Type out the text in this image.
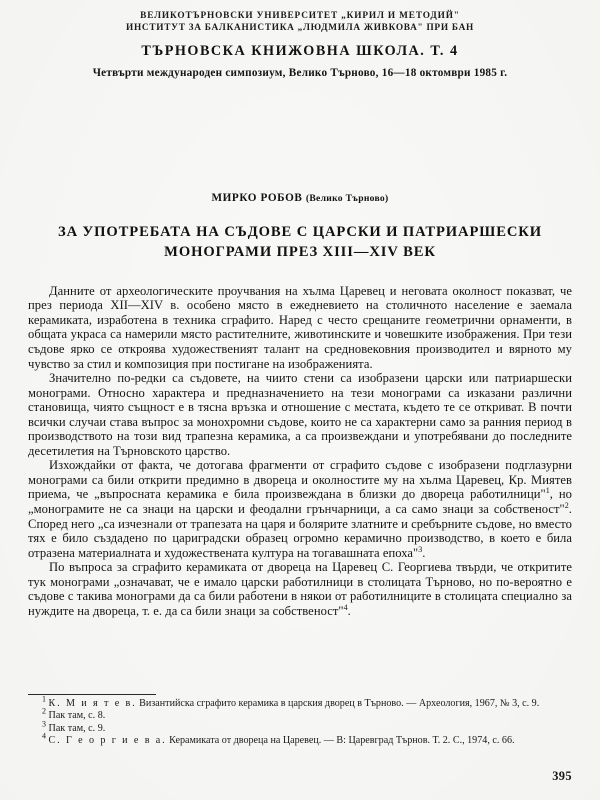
ВЕЛИКОТЪРНОВСКИ УНИВЕРСИТЕТ „КИРИЛ И МЕТОДИЙ"
ИНСТИТУТ ЗА БАЛКАНИСТИКА „ЛЮДМИЛА ЖИВКОВА" ПРИ БАН
ТЪРНОВСКА КНИЖОВНА ШКОЛА. Т. 4
Четвърти международен симпозиум, Велико Търново, 16—18 октомври 1985 г.
МИРКО РОБОВ (Велико Търново)
ЗА УПОТРЕБАТА НА СЪДОВЕ С ЦАРСКИ И ПАТРИАРШЕСКИ
МОНОГРАМИ ПРЕЗ XIII—XIV ВЕК

Данните от археологическите проучвания на хълма Царевец и неговата околност показват, че през периода XII—XIV в. особено място в ежедневието на столичното население е заемала керамиката, изработена в техника сграфито. Наред с често срещаните геометрични орнаменти, в общата украса са намерили място растителните, животинските и човешките изображения. При тези съдове ярко се откроява художественият талант на средновековния производител и вярното му чувство за стил и композиция при постигане на изображенията.

Значително по-редки са съдовете, на чиито стени са изобразени царски или патриаршески монограми. Относно характера и предназначението на тези монограми са изказани различни становища, чиято същност е в тясна връзка и отношение с местата, където те се откриват. В почти всички случаи става въпрос за монохромни съдове, които не са характерни само за ранния период в производството на този вид трапезна керамика, а са произвеждани и употребявани до последните десетилетия на Търновското царство.

Изхождайки от факта, че дотогава фрагменти от сграфито съдове с изобразени подглазурни монограми са били открити предимно в двореца и околностите му на хълма Царевец, Кр. Миятев приема, че „въпросната керамика е била произвеждана в близки до двореца работилници"$^1$, но „монограмите не са знаци на царски и феодални грънчарници, а са само знаци за собственост"$^2$. Според него „са изчезнали от трапезата на царя и болярите златните и сребърните съдове, но вместо тях е било създадено по цариградски образец огромно керамично производство, в което е била отразена материалната и художествената култура на тогавашната епоха"$^3$.

По въпроса за сграфито керамиката от двореца на Царевец С. Георгиева твърди, че откритите тук монограми „означават, че е имало царски работилници в столицата Търново, но по-вероятно е съдове с такива монограми да са били работени в някои от работилниците в столицата специално за нуждите на двореца, т. е. да са били знаци за собственост"$^4$.

$^1$ К. М и я т е в. Византийска сграфито керамика в царския дворец в Търново. — Археология, 1967, № 3, с. 9.

$^2$ Пак там, с. 8.

$^3$ Пак там, с. 9.

$^4$ С. Г е о р г и е в а. Керамиката от двореца на Царевец. — В: Царевград Търнов. Т. 2. С., 1974, с. 66.

395
